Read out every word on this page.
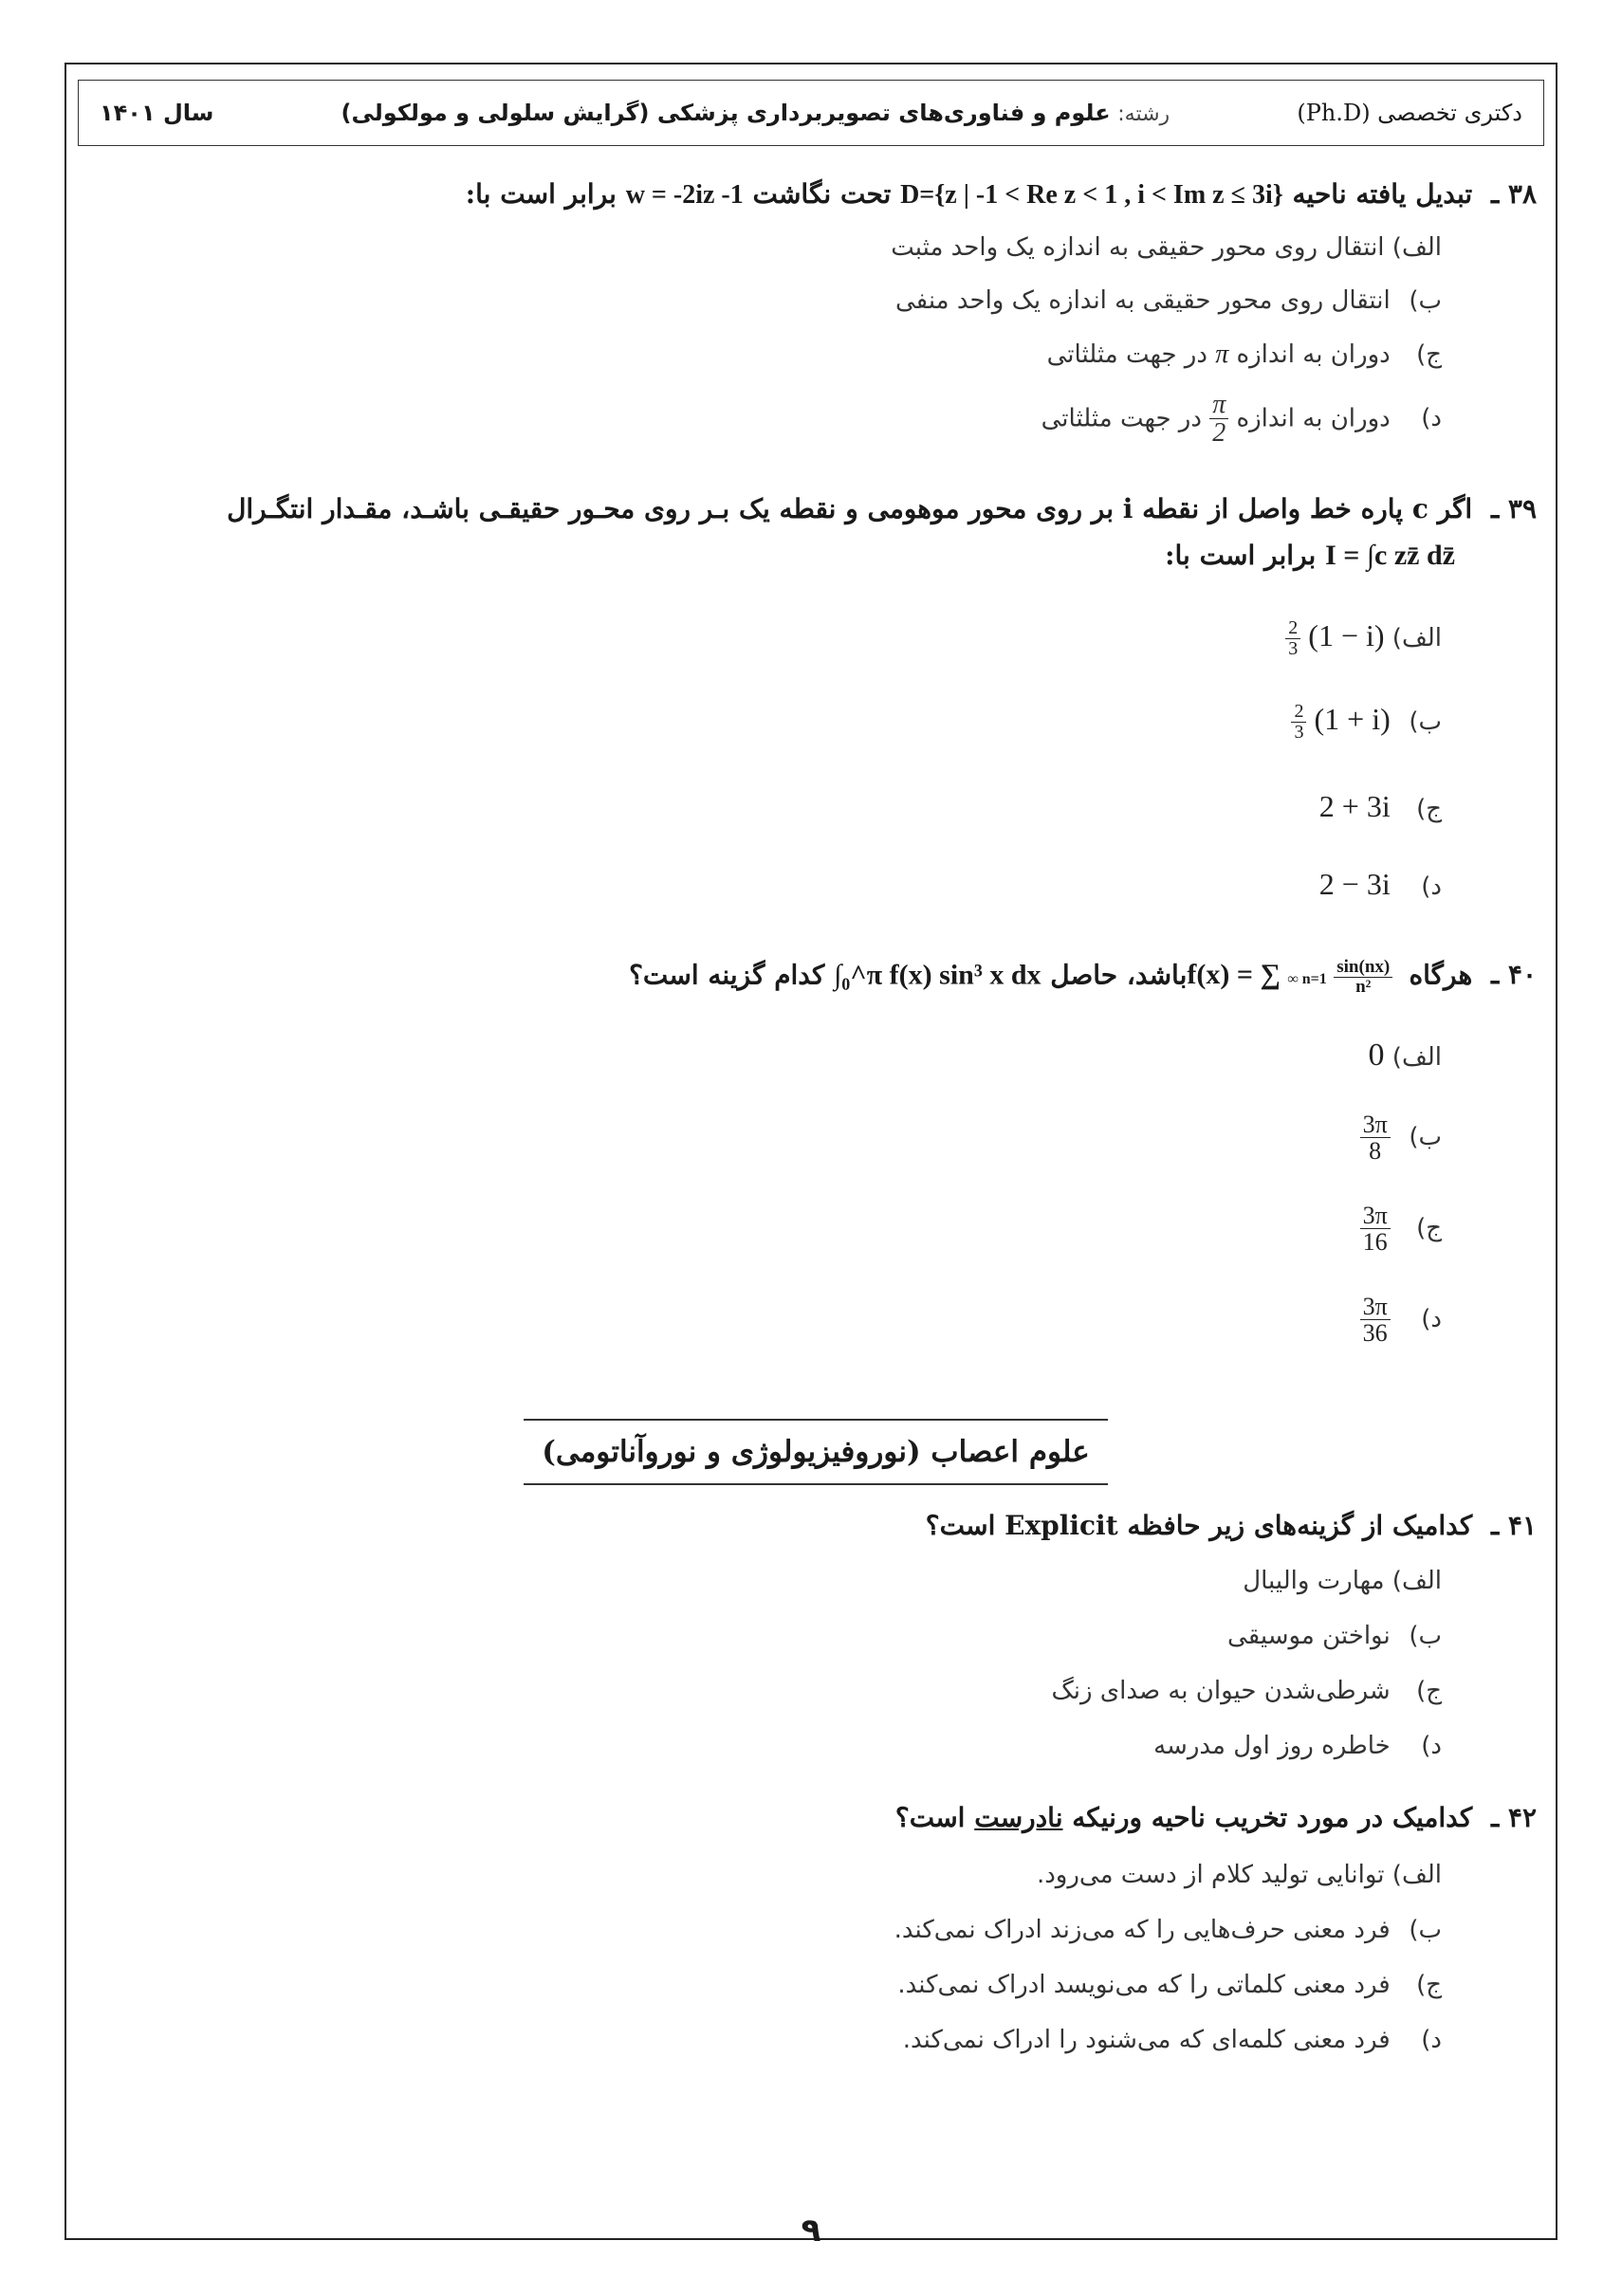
دکتری تخصصی (Ph.D)
رشته: علوم و فناوری‌های تصویربرداری پزشکی (گرایش سلولی و مولکولی)
سال ۱۴۰۱
۳۸ ـ تبدیل یافته ناحیه D={z | -1 < Re z < 1 , i < Im z ≤ 3i} تحت نگاشت w = -2iz -1 برابر است با:
الف) انتقال روی محور حقیقی به اندازه یک واحد مثبت
ب) انتقال روی محور حقیقی به اندازه یک واحد منفی
ج) دوران به اندازه π در جهت مثلثاتی
د) دوران به اندازه
$\frac{\pi}{2}$
در جهت مثلثاتی
۳۹ ـ اگر c پاره خط واصل از نقطه i بر روی محور موهومی و نقطه یک بـر روی محـور حقیقـی باشـد، مقـدار انتگـرال
I = ∫c zz̄ dz̄ برابر است با:
الف)
$\frac{2}{3} (1 - i)$
ب)
$\frac{2}{3} (1 + i)$
ج) 2 + 3i
د) 2 − 3i
۴۰ ـ هرگاه f(x) = ∑ ∞ $n=1 \frac{\sin(nx)}{\text{n²}}$
باشد، حاصل ∫₀^π f(x) sin³ x dx کدام گزینه است؟
الف) 0
ب)
$\frac{3\pi}{8}$
ج)
$\frac{3\pi}{16}$
د)
$\frac{3\pi}{36}$
علوم اعصاب (نوروفیزیولوژی و نوروآناتومی)
۴۱ ـ کدامیک از گزینه‌های زیر حافظه Explicit است؟
الف) مهارت والیبال
ب) نواختن موسیقی
ج) شرطی‌شدن حیوان به صدای زنگ
د) خاطره روز اول مدرسه
۴۲ ـ کدامیک در مورد تخریب ناحیه ورنیکه نادرست است؟
الف) توانایی تولید کلام از دست می‌رود.
ب) فرد معنی حرف‌هایی را که می‌زند ادراک نمی‌کند.
ج) فرد معنی کلماتی را که می‌نویسد ادراک نمی‌کند.
د) فرد معنی کلمه‌ای که می‌شنود را ادراک نمی‌کند.
۹
